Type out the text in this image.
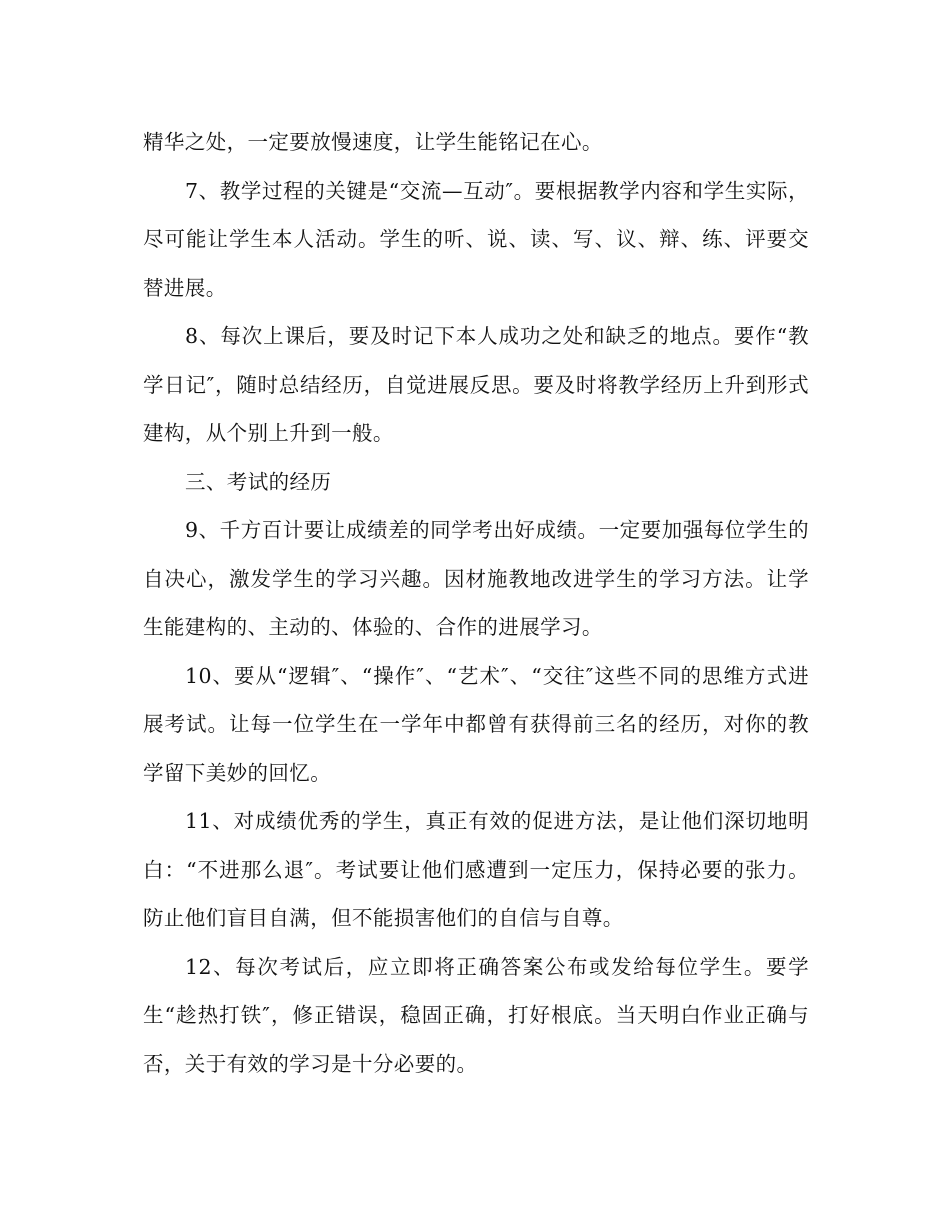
精华之处，一定要放慢速度，让学生能铭记在心。

7、教学过程的关键是“交流—互动″。要根据教学内容和学生实际，尽可能让学生本人活动。学生的听、说、读、写、议、辩、练、评要交替进展。

8、每次上课后，要及时记下本人成功之处和缺乏的地点。要作“教学日记″，随时总结经历，自觉进展反思。要及时将教学经历上升到形式建构，从个别上升到一般。

三、考试的经历

9、千方百计要让成绩差的同学考出好成绩。一定要加强每位学生的自决心，激发学生的学习兴趣。因材施教地改进学生的学习方法。让学生能建构的、主动的、体验的、合作的进展学习。

10、要从“逻辑″、“操作″、“艺术″、“交往″这些不同的思维方式进展考试。让每一位学生在一学年中都曾有获得前三名的经历，对你的教学留下美妙的回忆。

11、对成绩优秀的学生，真正有效的促进方法，是让他们深切地明白：“不进那么退″。考试要让他们感遭到一定压力，保持必要的张力。防止他们盲目自满，但不能损害他们的自信与自尊。

12、每次考试后，应立即将正确答案公布或发给每位学生。要学生“趁热打铁″，修正错误，稳固正确，打好根底。当天明白作业正确与否，关于有效的学习是十分必要的。
